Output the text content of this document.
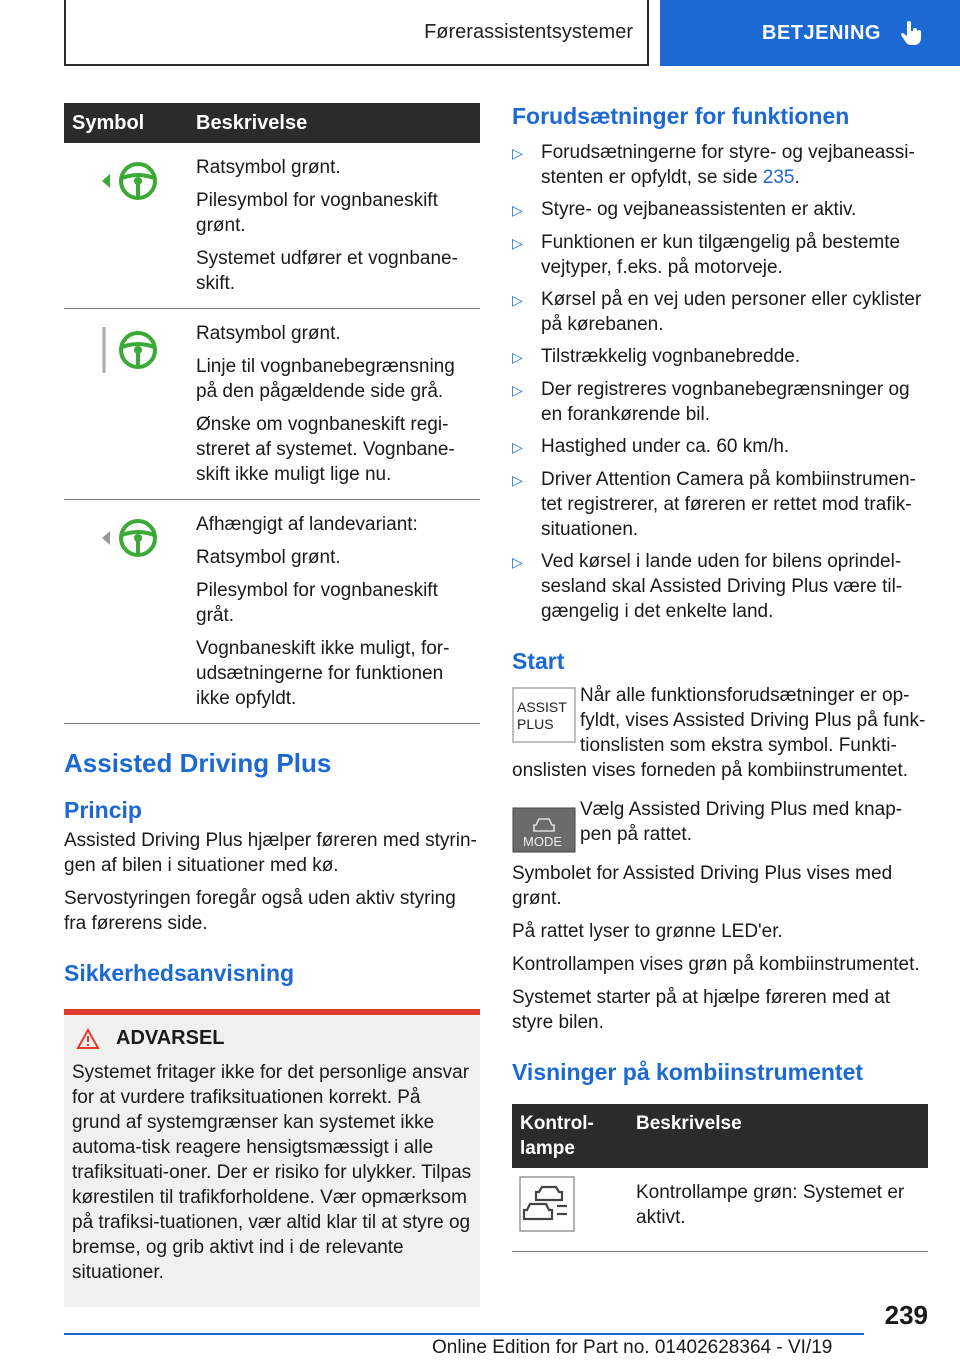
Førerassistentsystemer	BETJENING
Symbol	Beskrivelse

Ratsymbol grønt.

Pilesymbol for vognbaneskift grønt.

Systemet udfører et vognbane-skift.

Ratsymbol grønt.

Linje til vognbanebegrænsning på den pågældende side grå.

Ønske om vognbaneskift regi-streret af systemet. Vognbane-skift ikke muligt lige nu.

Afhængigt af landevariant:

Ratsymbol grønt.

Pilesymbol for vognbaneskift gråt.

Vognbaneskift ikke muligt, for-udsætningerne for funktionen ikke opfyldt.

Assisted Driving Plus
Princip

Assisted Driving Plus hjælper føreren med styrin-gen af bilen i situationer med kø.

Servostyringen foregår også uden aktiv styring fra førerens side.

Sikkerhedsanvisning
ADVARSEL

Systemet fritager ikke for det personlige ansvar for at vurdere trafiksituationen korrekt. På grund af systemgrænser kan systemet ikke automa-tisk reagere hensigtsmæssigt i alle trafiksituati-oner. Der er risiko for ulykker. Tilpas kørestilen til trafikforholdene. Vær opmærksom på trafiksi-tuationen, vær altid klar til at styre og bremse, og grib aktivt ind i de relevante situationer.

Forudsætninger for funktionen
▷ Forudsætningerne for styre- og vejbaneassi-stenten er opfyldt, se side 235.
▷ Styre- og vejbaneassistenten er aktiv.
▷ Funktionen er kun tilgængelig på bestemte vejtyper, f.eks. på motorveje.
▷ Kørsel på en vej uden personer eller cyklister på kørebanen.
▷ Tilstrækkelig vognbanebredde.
▷ Der registreres vognbanebegrænsninger og en forankørende bil.
▷ Hastighed under ca. 60 km/h.
▷ Driver Attention Camera på kombiinstrumen-tet registrerer, at føreren er rettet mod trafik-situationen.
▷ Ved kørsel i lande uden for bilens oprindel-sesland skal Assisted Driving Plus være til-gængelig i det enkelte land.
Start
ASSIST
PLUS
Når alle funktionsforudsætninger er op-fyldt, vises Assisted Driving Plus på funk-tionslisten som ekstra symbol. Funkti-onslisten vises forneden på kombiinstrumentet.
MODE
Vælg Assisted Driving Plus med knap-pen på rattet.

Symbolet for Assisted Driving Plus vises med grønt.

På rattet lyser to grønne LED'er.

Kontrollampen vises grøn på kombiinstrumentet.

Systemet starter på at hjælpe føreren med at styre bilen.

Visninger på kombiinstrumentet
Kontrol-lampe
Beskrivelse
Kontrollampe grøn: Systemet er aktivt.
239
Online Edition for Part no. 01402628364 - VI/19
